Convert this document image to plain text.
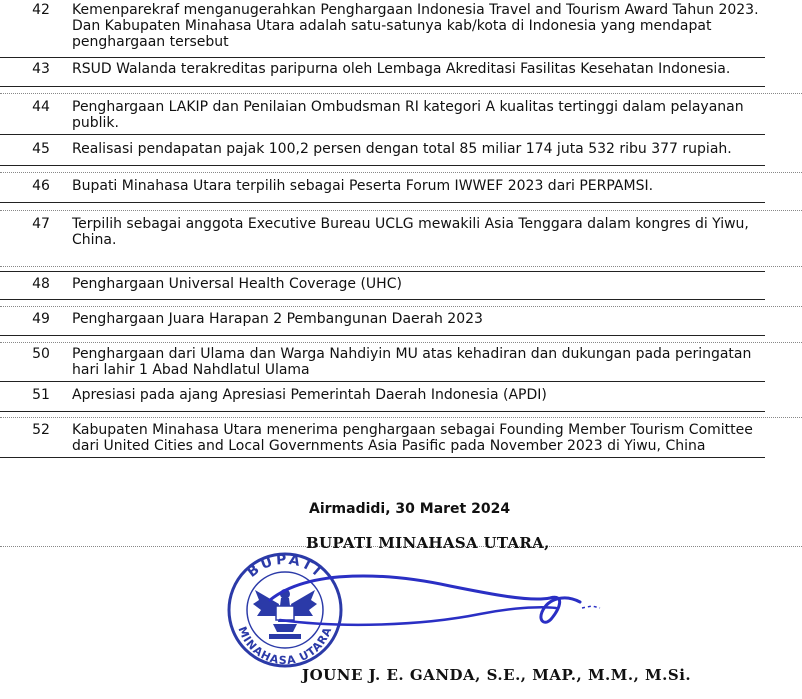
42 Kemenparekraf menganugerahkan Penghargaan Indonesia Travel and Tourism Award Tahun 2023. Dan Kabupaten Minahasa Utara adalah satu-satunya kab/kota di Indonesia yang mendapat penghargaan tersebut
43 RSUD Walanda terakreditas paripurna oleh Lembaga Akreditasi Fasilitas Kesehatan Indonesia.
44 Penghargaan LAKIP dan Penilaian Ombudsman RI kategori A kualitas tertinggi dalam pelayanan publik.
45 Realisasi pendapatan pajak 100,2 persen dengan total 85 miliar 174 juta 532 ribu 377 rupiah.
46 Bupati Minahasa Utara terpilih sebagai Peserta Forum IWWEF 2023 dari PERPAMSI.
47 Terpilih sebagai anggota Executive Bureau UCLG mewakili Asia Tenggara dalam kongres di Yiwu, China.
48 Penghargaan Universal Health Coverage (UHC)
49 Penghargaan Juara Harapan 2 Pembangunan Daerah 2023
50 Penghargaan dari Ulama dan Warga Nahdiyin MU atas kehadiran dan dukungan pada peringatan hari lahir 1 Abad Nahdlatul Ulama
51 Apresiasi pada ajang Apresiasi Pemerintah Daerah Indonesia (APDI)
52 Kabupaten Minahasa Utara menerima penghargaan sebagai Founding Member Tourism Comittee dari United Cities and Local Governments Asia Pasific pada November 2023 di Yiwu, China
Airmadidi, 30 Maret 2024
BUPATI MINAHASA UTARA,
BUPATI
MINAHASA UTARA
JOUNE J. E. GANDA, S.E., MAP., M.M., M.Si.
